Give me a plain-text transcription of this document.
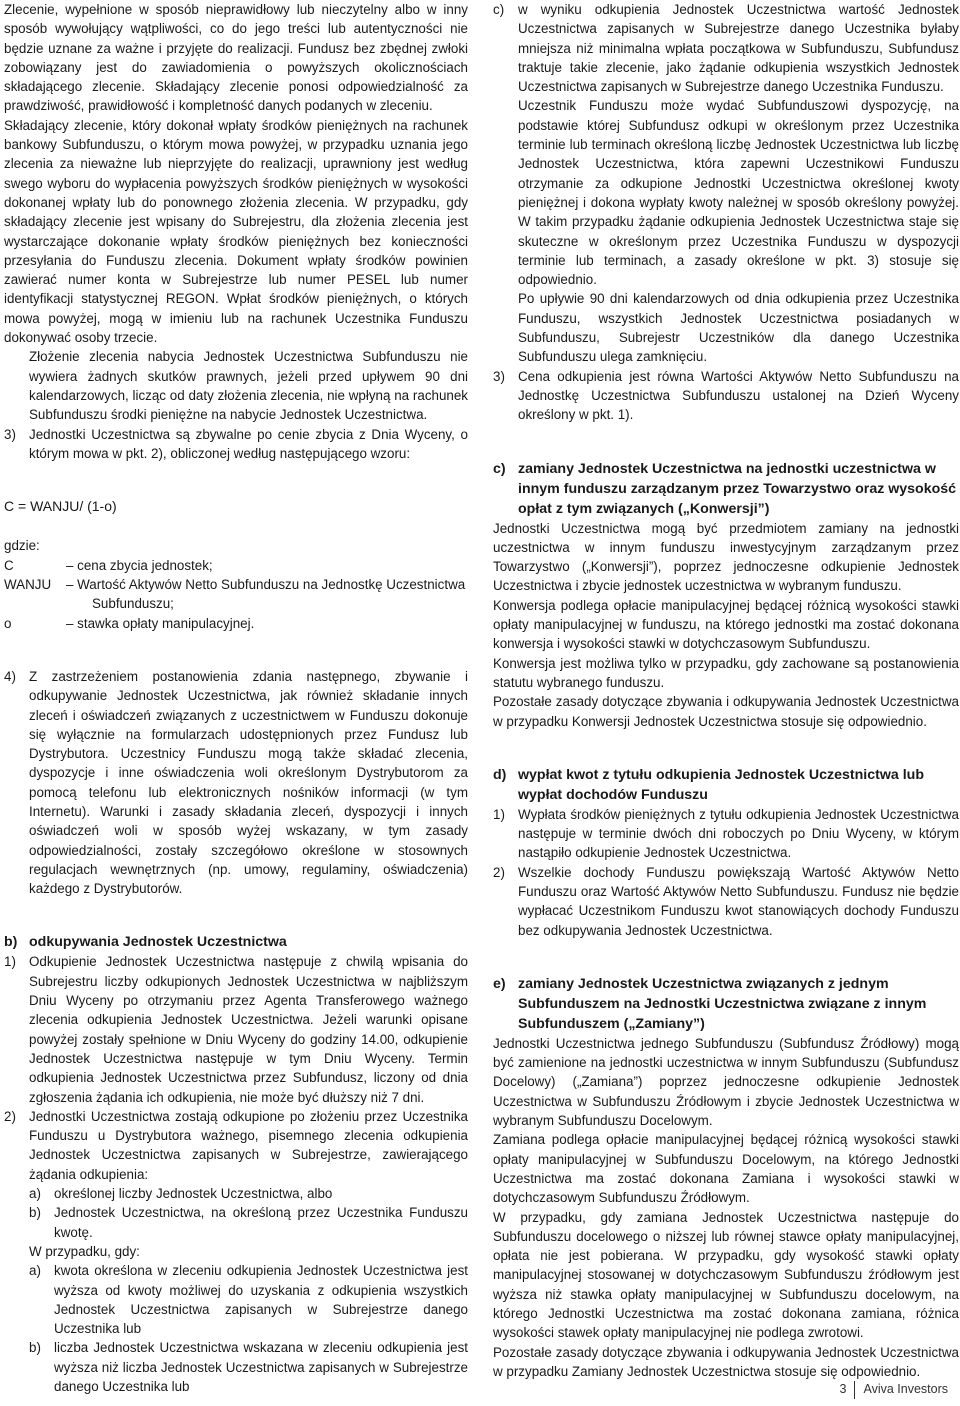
Zlecenie, wypełnione w sposób nieprawidłowy lub nieczytelny albo w inny sposób wywołujący wątpliwości, co do jego treści lub autentyczności nie będzie uznane za ważne i przyjęte do realizacji. Fundusz bez zbędnej zwłoki zobowiązany jest do zawiadomienia o powyższych okolicznościach składającego zlecenie. Składający zlecenie ponosi odpowiedzialność za prawdziwość, prawidłowość i kompletność danych podanych w zleceniu.

Składający zlecenie, który dokonał wpłaty środków pieniężnych na rachunek bankowy Subfunduszu, o którym mowa powyżej, w przypadku uznania jego zlecenia za nieważne lub nieprzyjęte do realizacji, uprawniony jest według swego wyboru do wypłacenia powyższych środków pieniężnych w wysokości dokonanej wpłaty lub do ponownego złożenia zlecenia. W przypadku, gdy składający zlecenie jest wpisany do Subrejestru, dla złożenia zlecenia jest wystarczające dokonanie wpłaty środków pieniężnych bez konieczności przesyłania do Funduszu zlecenia. Dokument wpłaty środków powinien zawierać numer konta w Subrejestrze lub numer PESEL lub numer identyfikacji statystycznej REGON. Wpłat środków pieniężnych, o których mowa powyżej, mogą w imieniu lub na rachunek Uczestnika Funduszu dokonywać osoby trzecie.

Złożenie zlecenia nabycia Jednostek Uczestnictwa Subfunduszu nie wywiera żadnych skutków prawnych, jeżeli przed upływem 90 dni kalendarzowych, licząc od daty złożenia zlecenia, nie wpłyną na rachunek Subfunduszu środki pieniężne na nabycie Jednostek Uczestnictwa.

3) Jednostki Uczestnictwa są zbywalne po cenie zbycia z Dnia Wyceny, o którym mowa w pkt. 2), obliczonej według następującego wzoru:

C = WANJU/ (1-o)

gdzie:

C	– cena zbycia jednostek;
WANJU	– Wartość Aktywów Netto Subfunduszu na Jednostkę Uczestnictwa
Subfunduszu;
o	– stawka opłaty manipulacyjnej.
4) Z zastrzeżeniem postanowienia zdania następnego, zbywanie i odkupywanie Jednostek Uczestnictwa, jak również składanie innych zleceń i oświadczeń związanych z uczestnictwem w Funduszu dokonuje się wyłącznie na formularzach udostępnionych przez Fundusz lub Dystrybutora. Uczestnicy Funduszu mogą także składać zlecenia, dyspozycje i inne oświadczenia woli określonym Dystrybutorom za pomocą telefonu lub elektronicznych nośników informacji (w tym Internetu). Warunki i zasady składania zleceń, dyspozycji i innych oświadczeń woli w sposób wyżej wskazany, w tym zasady odpowiedzialności, zostały szczegółowo określone w stosownych regulacjach wewnętrznych (np. umowy, regulaminy, oświadczenia) każdego z Dystrybutorów.
b) odkupywania Jednostek Uczestnictwa
1) Odkupienie Jednostek Uczestnictwa następuje z chwilą wpisania do Subrejestru liczby odkupionych Jednostek Uczestnictwa w najbliższym Dniu Wyceny po otrzymaniu przez Agenta Transferowego ważnego zlecenia odkupienia Jednostek Uczestnictwa. Jeżeli warunki opisane powyżej zostały spełnione w Dniu Wyceny do godziny 14.00, odkupienie Jednostek Uczestnictwa następuje w tym Dniu Wyceny. Termin odkupienia Jednostek Uczestnictwa przez Subfundusz, liczony od dnia zgłoszenia żądania ich odkupienia, nie może być dłuższy niż 7 dni.
2) Jednostki Uczestnictwa zostają odkupione po złożeniu przez Uczestnika Funduszu u Dystrybutora ważnego, pisemnego zlecenia odkupienia Jednostek Uczestnictwa zapisanych w Subrejestrze, zawierającego żądania odkupienia:
a) określonej liczby Jednostek Uczestnictwa, albo
b) Jednostek Uczestnictwa, na określoną przez Uczestnika Funduszu kwotę.

W przypadku, gdy:

a) kwota określona w zleceniu odkupienia Jednostek Uczestnictwa jest wyższa od kwoty możliwej do uzyskania z odkupienia wszystkich Jednostek Uczestnictwa zapisanych w Subrejestrze danego Uczestnika lub
b) liczba Jednostek Uczestnictwa wskazana w zleceniu odkupienia jest wyższa niż liczba Jednostek Uczestnictwa zapisanych w Subrejestrze danego Uczestnika lub
c)	w wyniku odkupienia Jednostek Uczestnictwa wartość Jednostek Uczestnictwa zapisanych w Subrejestrze danego Uczestnika byłaby mniejsza niż minimalna wpłata początkowa w Subfunduszu, Subfundusz traktuje takie zlecenie, jako żądanie odkupienia wszystkich Jednostek Uczestnictwa zapisanych w Subrejestrze danego Uczestnika Funduszu.

Uczestnik Funduszu może wydać Subfunduszowi dyspozycję, na podstawie której Subfundusz odkupi w określonym przez Uczestnika terminie lub terminach określoną liczbę Jednostek Uczestnictwa lub liczbę Jednostek Uczestnictwa, która zapewni Uczestnikowi Funduszu otrzymanie za odkupione Jednostki Uczestnictwa określonej kwoty pieniężnej i dokona wypłaty kwoty należnej w sposób określony powyżej. W takim przypadku żądanie odkupienia Jednostek Uczestnictwa staje się skuteczne w określonym przez Uczestnika Funduszu w dyspozycji terminie lub terminach, a zasady określone w pkt. 3) stosuje się odpowiednio.

Po upływie 90 dni kalendarzowych od dnia odkupienia przez Uczestnika Funduszu, wszystkich Jednostek Uczestnictwa posiadanych w Subfunduszu, Subrejestr Uczestników dla danego Uczestnika Subfunduszu ulega zamknięciu.

3) Cena odkupienia jest równa Wartości Aktywów Netto Subfunduszu na Jednostkę Uczestnictwa Subfunduszu ustalonej na Dzień Wyceny określony w pkt. 1).
c) zamiany Jednostek Uczestnictwa na jednostki uczestnictwa w innym funduszu zarządzanym przez Towarzystwo oraz wysokość opłat z tym związanych („Konwersji”)

Jednostki Uczestnictwa mogą być przedmiotem zamiany na jednostki uczestnictwa w innym funduszu inwestycyjnym zarządzanym przez Towarzystwo („Konwersji”), poprzez jednoczesne odkupienie Jednostek Uczestnictwa i zbycie jednostek uczestnictwa w wybranym funduszu.

Konwersja podlega opłacie manipulacyjnej będącej różnicą wysokości stawki opłaty manipulacyjnej w funduszu, na którego jednostki ma zostać dokonana konwersja i wysokości stawki w dotychczasowym Subfunduszu.

Konwersja jest możliwa tylko w przypadku, gdy zachowane są postanowienia statutu wybranego funduszu.

Pozostałe zasady dotyczące zbywania i odkupywania Jednostek Uczestnictwa w przypadku Konwersji Jednostek Uczestnictwa stosuje się odpowiednio.

d) wypłat kwot z tytułu odkupienia Jednostek Uczestnictwa lub wypłat dochodów Funduszu
1) Wypłata środków pieniężnych z tytułu odkupienia Jednostek Uczestnictwa następuje w terminie dwóch dni roboczych po Dniu Wyceny, w którym nastąpiło odkupienie Jednostek Uczestnictwa.
2) Wszelkie dochody Funduszu powiększają Wartość Aktywów Netto Funduszu oraz Wartość Aktywów Netto Subfunduszu. Fundusz nie będzie wypłacać Uczestnikom Funduszu kwot stanowiących dochody Funduszu bez odkupywania Jednostek Uczestnictwa.
e) zamiany Jednostek Uczestnictwa związanych z jednym Subfunduszem na Jednostki Uczestnictwa związane z innym Subfunduszem („Zamiany”)

Jednostki Uczestnictwa jednego Subfunduszu (Subfundusz Źródłowy) mogą być zamienione na jednostki uczestnictwa w innym Subfunduszu (Subfundusz Docelowy) („Zamiana”) poprzez jednoczesne odkupienie Jednostek Uczestnictwa w Subfunduszu Źródłowym i zbycie Jednostek Uczestnictwa w wybranym Subfunduszu Docelowym.

Zamiana podlega opłacie manipulacyjnej będącej różnicą wysokości stawki opłaty manipulacyjnej w Subfunduszu Docelowym, na którego Jednostki Uczestnictwa ma zostać dokonana Zamiana i wysokości stawki w dotychczasowym Subfunduszu Źródłowym.

W przypadku, gdy zamiana Jednostek Uczestnictwa następuje do Subfunduszu docelowego o niższej lub równej stawce opłaty manipulacyjnej, opłata nie jest pobierana. W przypadku, gdy wysokość stawki opłaty manipulacyjnej stosowanej w dotychczasowym Subfunduszu źródłowym jest wyższa niż stawka opłaty manipulacyjnej w Subfunduszu docelowym, na którego Jednostki Uczestnictwa ma zostać dokonana zamiana, różnica wysokości stawek opłaty manipulacyjnej nie podlega zwrotowi.

Pozostałe zasady dotyczące zbywania i odkupywania Jednostek Uczestnictwa w przypadku Zamiany Jednostek Uczestnictwa stosuje się odpowiednio.

3	Aviva Investors
